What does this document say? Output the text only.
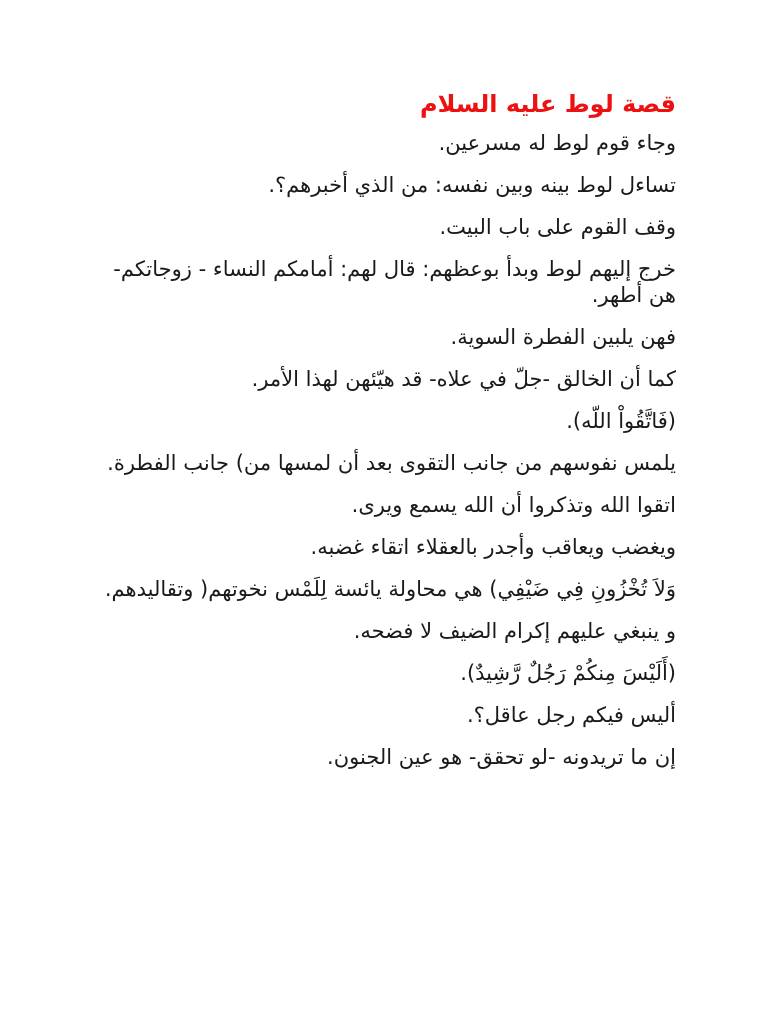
قصة لوط عليه السلام

وجاء قوم لوط له مسرعين.

تساءل لوط بينه وبين نفسه: من الذي أخبرهم؟.

وقف القوم على باب البيت.

خرج إليهم لوط وبدأ بوعظهم: قال لهم: أمامكم النساء - زوجاتكم- هن أطهر.

فهن يلبين الفطرة السوية.

كما أن الخالق -جلّ في علاه- قد هيّئهن لهذا الأمر.

(فَاتَّقُواْ اللّه).

يلمس نفوسهم من جانب التقوى بعد أن لمسها من) جانب الفطرة.

اتقوا الله وتذكروا أن الله يسمع ويرى.

ويغضب ويعاقب وأجدر بالعقلاء اتقاء غضبه.

وَلاَ تُخْزُونِ فِي ضَيْفِي) هي محاولة يائسة لِلَمْس نخوتهم( وتقاليدهم.

و ينبغي عليهم إكرام الضيف لا فضحه.

(أَلَيْسَ مِنكُمْ رَجُلٌ رَّشِيدٌ).

أليس فيكم رجل عاقل؟.

إن ما تريدونه -لو تحقق- هو عين الجنون.
